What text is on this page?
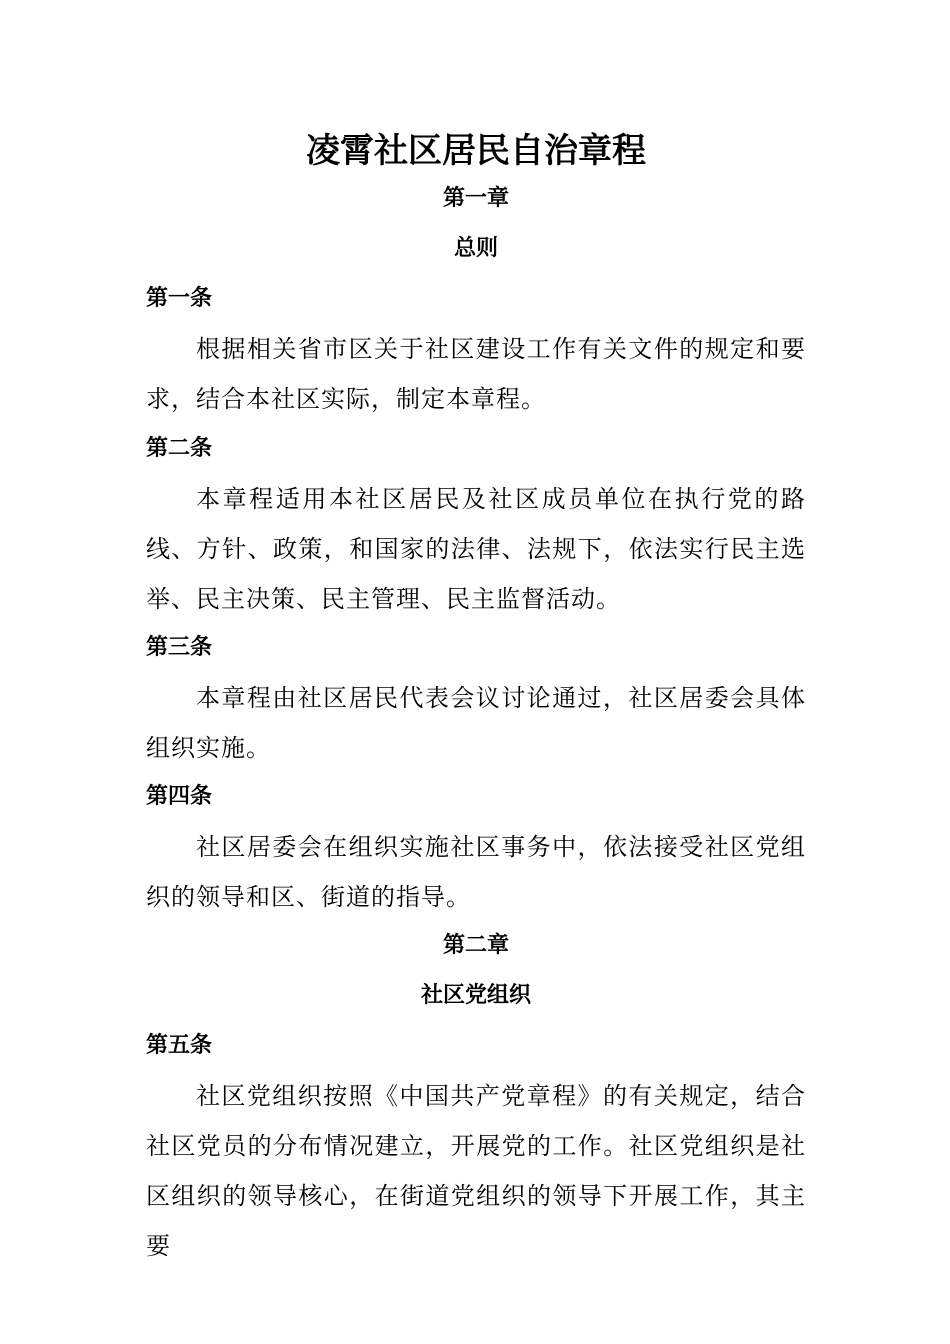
凌霄社区居民自治章程
第一章
总则
第一条

根据相关省市区关于社区建设工作有关文件的规定和要求，结合本社区实际，制定本章程。

第二条

本章程适用本社区居民及社区成员单位在执行党的路线、方针、政策，和国家的法律、法规下，依法实行民主选举、民主决策、民主管理、民主监督活动。

第三条

本章程由社区居民代表会议讨论通过，社区居委会具体组织实施。

第四条

社区居委会在组织实施社区事务中，依法接受社区党组织的领导和区、街道的指导。

第二章
社区党组织
第五条

社区党组织按照《中国共产党章程》的有关规定，结合社区党员的分布情况建立，开展党的工作。社区党组织是社区组织的领导核心，在街道党组织的领导下开展工作，其主要
